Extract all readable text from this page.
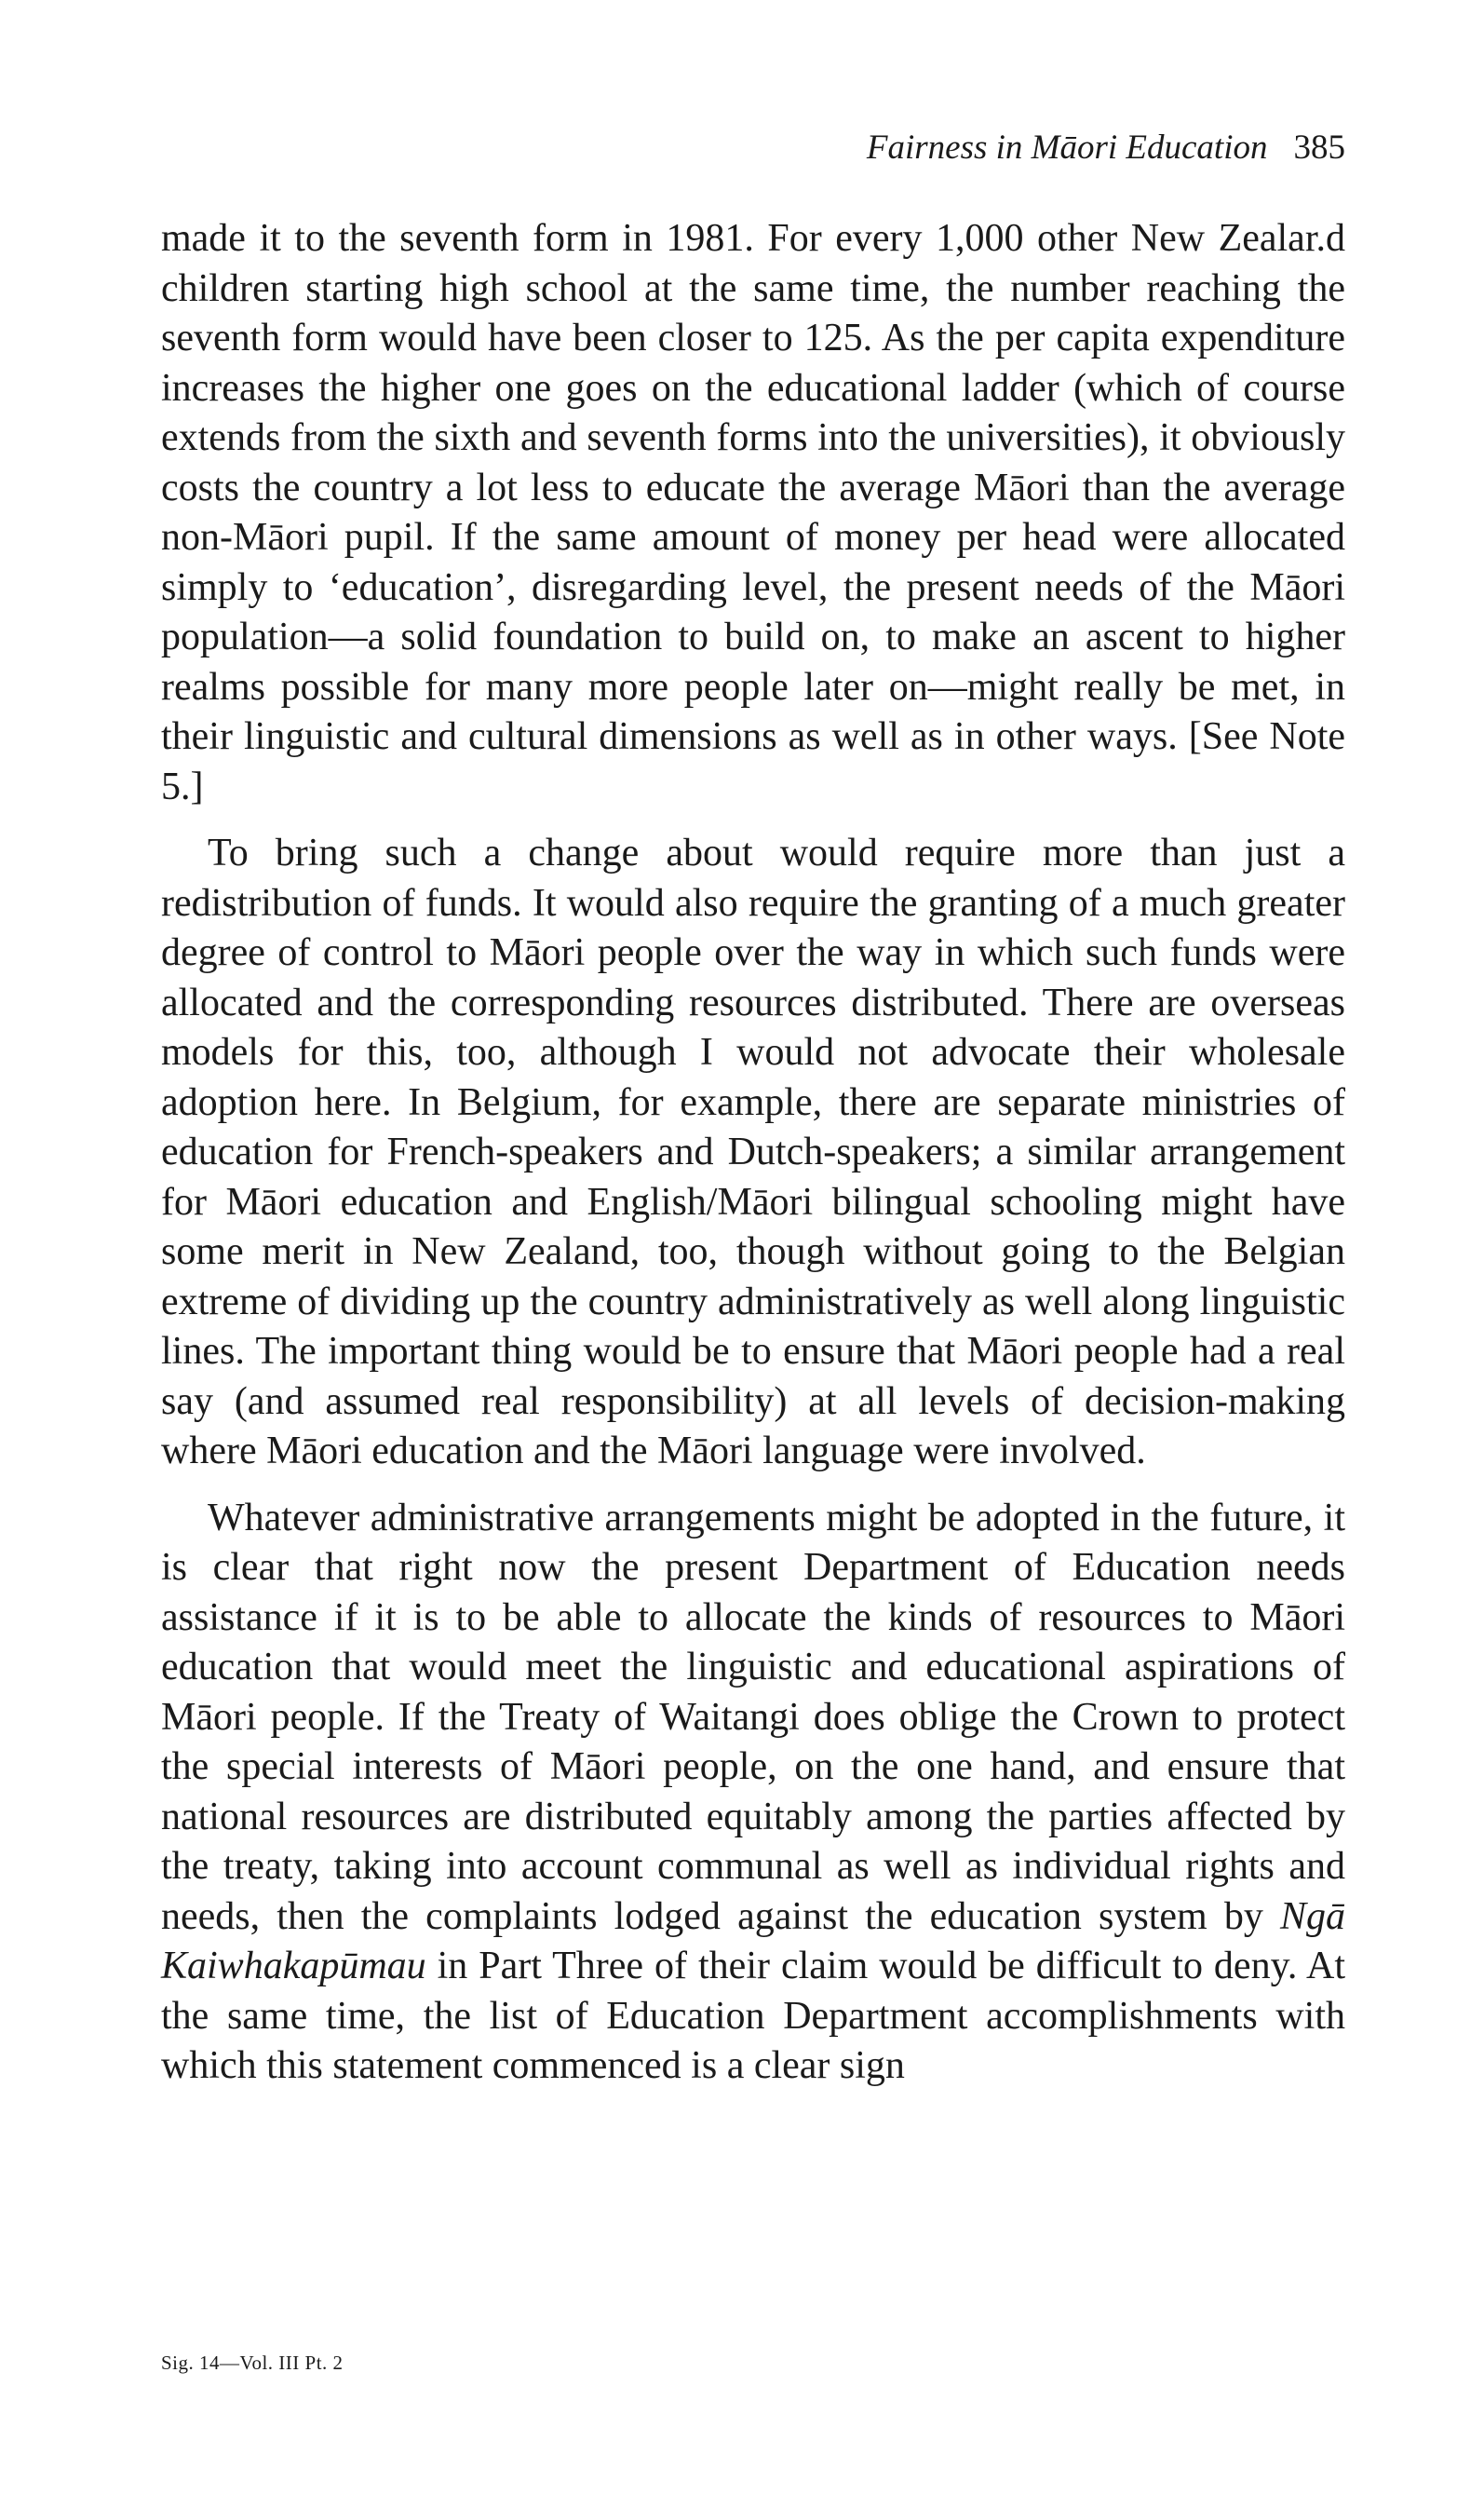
Fairness in Māori Education 385

made it to the seventh form in 1981. For every 1,000 other New Zealar.d children starting high school at the same time, the number reaching the seventh form would have been closer to 125. As the per capita expenditure increases the higher one goes on the educational ladder (which of course extends from the sixth and seventh forms into the universities), it obviously costs the country a lot less to educate the average Māori than the average non-Māori pupil. If the same amount of money per head were allocated simply to ‘education’, disregarding level, the present needs of the Māori population—a solid foundation to build on, to make an ascent to higher realms possible for many more people later on—might really be met, in their linguistic and cultural dimensions as well as in other ways. [See Note 5.]

To bring such a change about would require more than just a redistribution of funds. It would also require the granting of a much greater degree of control to Māori people over the way in which such funds were allocated and the corresponding resources distributed. There are overseas models for this, too, although I would not advocate their wholesale adoption here. In Belgium, for example, there are separate ministries of education for French-speakers and Dutch-speakers; a similar arrangement for Māori education and English/Māori bilingual schooling might have some merit in New Zealand, too, though without going to the Belgian extreme of dividing up the country administratively as well along linguistic lines. The important thing would be to ensure that Māori people had a real say (and assumed real responsibility) at all levels of decision-making where Māori education and the Māori language were involved.

Whatever administrative arrangements might be adopted in the future, it is clear that right now the present Department of Education needs assistance if it is to be able to allocate the kinds of resources to Māori education that would meet the linguistic and educational aspirations of Māori people. If the Treaty of Waitangi does oblige the Crown to protect the special interests of Māori people, on the one hand, and ensure that national resources are distributed equitably among the parties affected by the treaty, taking into account communal as well as individual rights and needs, then the complaints lodged against the education system by Ngā Kaiwhakapūmau in Part Three of their claim would be difficult to deny. At the same time, the list of Education Department accomplishments with which this statement commenced is a clear sign

Sig. 14—Vol. III Pt. 2
